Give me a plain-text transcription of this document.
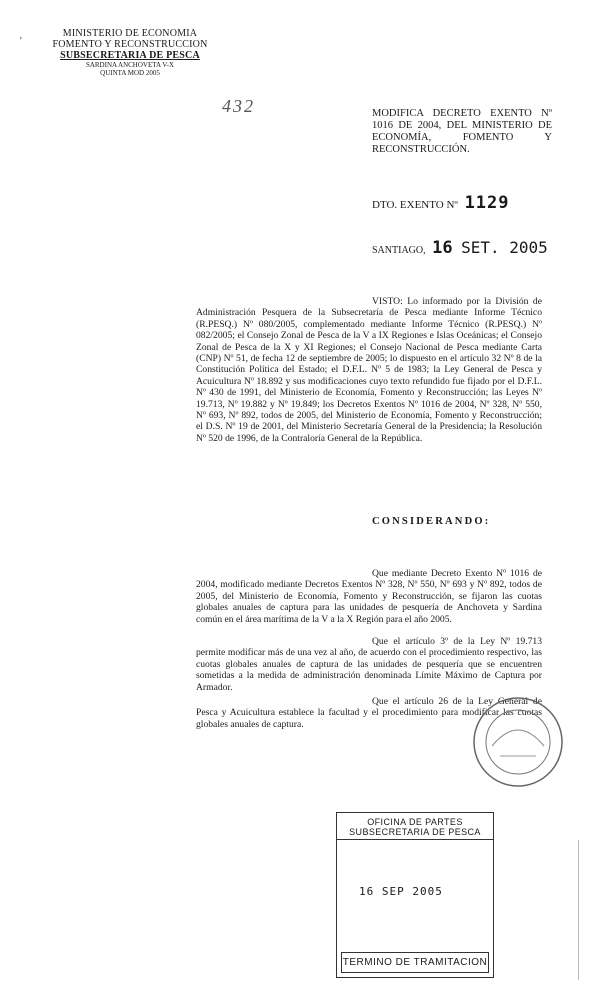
'
MINISTERIO DE ECONOMIA
FOMENTO Y RECONSTRUCCION
SUBSECRETARIA DE PESCA
SARDINA ANCHOVETA V-X
QUINTA MOD 2005
432	MODIFICA DECRETO EXENTO Nº 1016 DE 2004, DEL MINISTERIO DE ECONOMÍA, FOMENTO Y RECONSTRUCCIÓN.
DTO. EXENTO Nº 1129
SANTIAGO, 16 SET. 2005
VISTO: Lo informado por la División de Administración Pesquera de la Subsecretaría de Pesca mediante Informe Técnico (R.PESQ.) Nº 080/2005, complementado mediante Informe Técnico (R.PESQ.) Nº 082/2005; el Consejo Zonal de Pesca de la V a IX Regiones e Islas Oceánicas; el Consejo Zonal de Pesca de la X y XI Regiones; el Consejo Nacional de Pesca mediante Carta (CNP) Nº 51, de fecha 12 de septiembre de 2005; lo dispuesto en el artículo 32 Nº 8 de la Constitución Política del Estado; el D.F.L. Nº 5 de 1983; la Ley General de Pesca y Acuicultura Nº 18.892 y sus modificaciones cuyo texto refundido fue fijado por el D.F.L. Nº 430 de 1991, del Ministerio de Economía, Fomento y Reconstrucción; las Leyes Nº 19.713, Nº 19.882 y Nº 19.849; los Decretos Exentos Nº 1016 de 2004, Nº 328, Nº 550, Nº 693, Nº 892, todos de 2005, del Ministerio de Economía, Fomento y Reconstrucción; el D.S. Nº 19 de 2001, del Ministerio Secretaría General de la Presidencia; la Resolución Nº 520 de 1996, de la Contraloría General de la República.
CONSIDERANDO:
Que mediante Decreto Exento Nº 1016 de 2004, modificado mediante Decretos Exentos Nº 328, Nº 550, Nº 693 y Nº 892, todos de 2005, del Ministerio de Economía, Fomento y Reconstrucción, se fijaron las cuotas globales anuales de captura para las unidades de pesquería de Anchoveta y Sardina común en el área marítima de la V a la X Región para el año 2005.
Que el artículo 3º de la Ley Nº 19.713 permite modificar más de una vez al año, de acuerdo con el procedimiento respectivo, las cuotas globales anuales de captura de las unidades de pesquería que se encuentren sometidas a la medida de administración denominada Límite Máximo de Captura por Armador.
Que el artículo 26 de la Ley General de Pesca y Acuicultura establece la facultad y el procedimiento para modificar las cuotas globales anuales de captura.
OFICINA DE PARTES
SUBSECRETARIA DE PESCA
16 SEP 2005
TERMINO DE TRAMITACION
